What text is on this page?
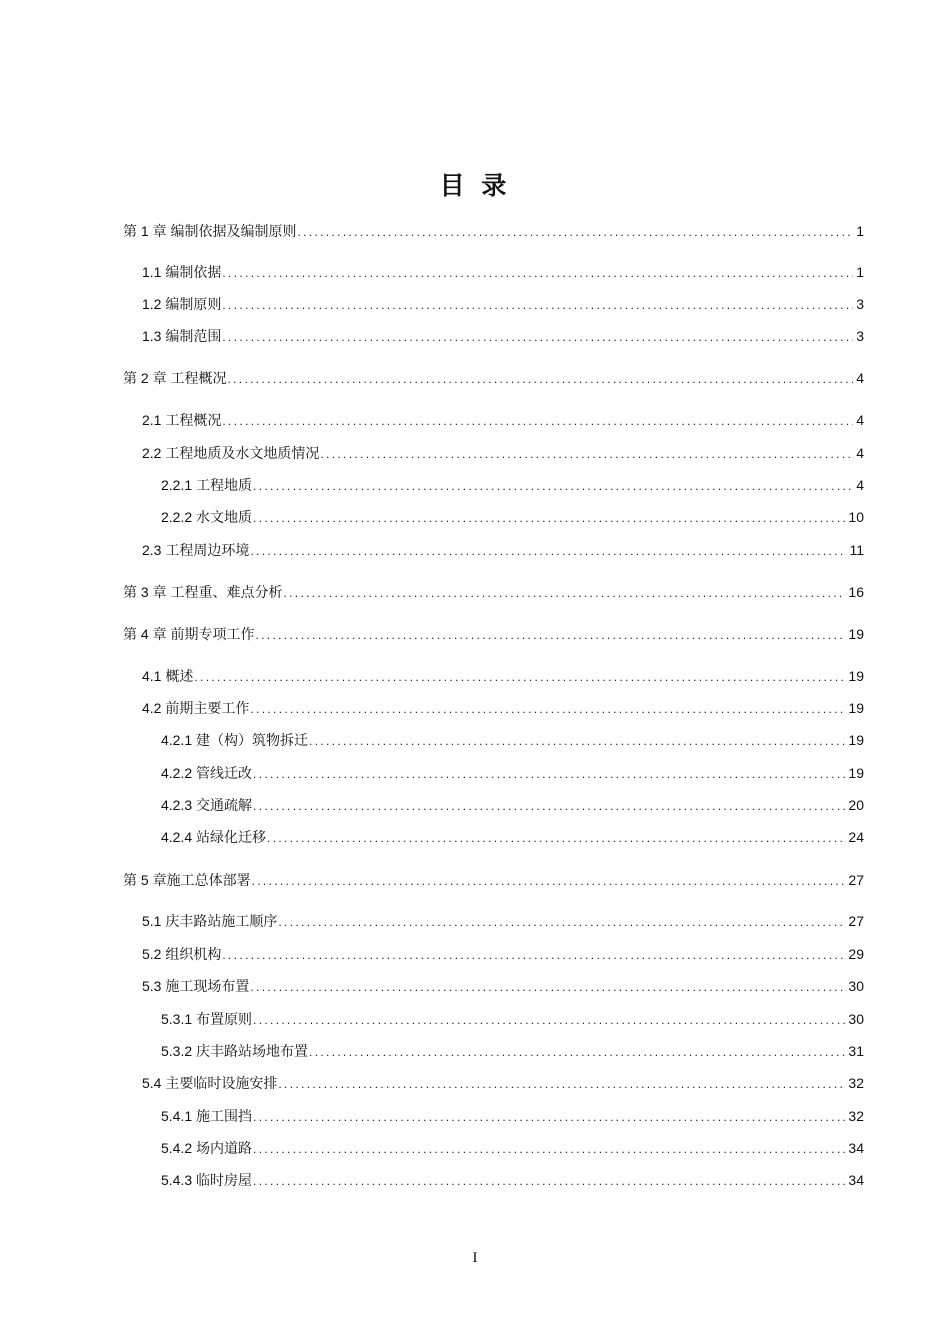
目 录
第 1 章 编制依据及编制原则 . . .	1
1.1 编制依据 . . .	1
1.2 编制原则 . . .	3
1.3 编制范围 . . .	3
第 2 章 工程概况 . . .	4
2.1 工程概况 . . .	4
2.2 工程地质及水文地质情况 . . .	4
2.2.1 工程地质 . . .	4
2.2.2 水文地质 . . .	10
2.3 工程周边环境 . . .	11
第 3 章 工程重、难点分析 . . .	16
第 4 章 前期专项工作 . . .	19
4.1 概述 . . .	19
4.2 前期主要工作 . . .	19
4.2.1 建（构）筑物拆迁 . . .	19
4.2.2 管线迁改 . . .	19
4.2.3 交通疏解 . . .	20
4.2.4 站绿化迁移 . . .	24
第 5 章施工总体部署 . . .	27
5.1 庆丰路站施工顺序 . . .	27
5.2 组织机构 . . .	29
5.3 施工现场布置 . . .	30
5.3.1 布置原则 . . .	30
5.3.2 庆丰路站场地布置 . . .	31
5.4 主要临时设施安排 . . .	32
5.4.1 施工围挡 . . .	32
5.4.2 场内道路 . . .	34
5.4.3 临时房屋 . . .	34
I
